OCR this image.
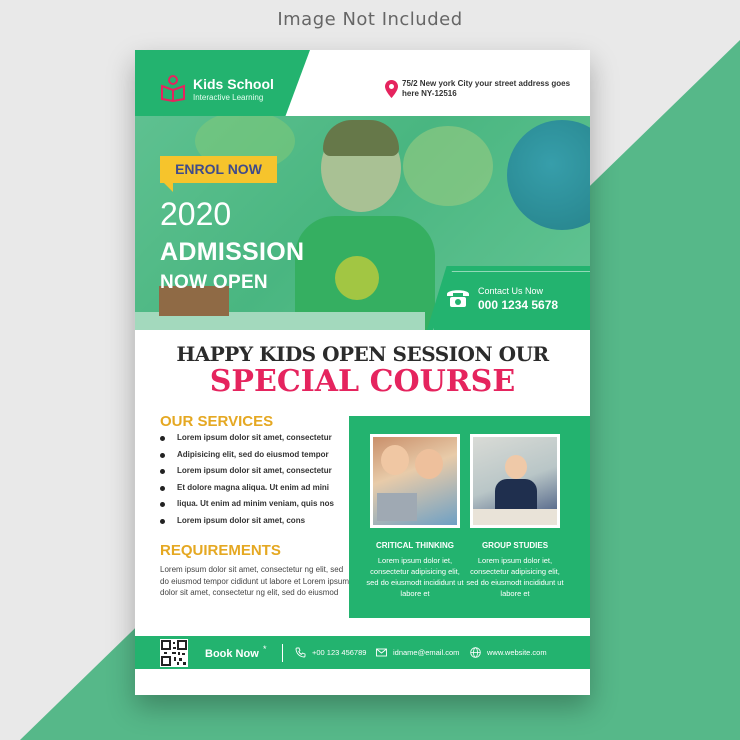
Image Not Included
Kids School
Interactive Learning
75/2 New york City your street address goes here NY-12516
ENROL NOW
2020
ADMISSION
NOW OPEN	Contact Us Now
000 1234 5678
HAPPY KIDS OPEN SESSION OUR
SPECIAL COURSE
OUR SERVICES
Lorem ipsum dolor sit amet, consectetur
Adipisicing elit, sed do eiusmod tempor
Lorem ipsum dolor sit amet, consectetur
Et dolore magna aliqua. Ut enim ad mini
liqua. Ut enim ad minim veniam, quis nos
Lorem ipsum dolor sit amet, cons
REQUIREMENTS
Lorem ipsum dolor sit amet, consectetur ng elit, sed do eiusmod tempor cididunt ut labore et Lorem ipsum dolor sit amet, consectetur ng elit, sed do eiusmod
CRITICAL THINKING
Lorem ipsum dolor iet, consectetur adipisicing elit, sed do eiusmodt incididunt ut labore et
GROUP STUDIES
Lorem ipsum dolor iet, consectetur adipisicing elit, sed do eiusmodt incididunt ut labore et
Book Now *	+00 123 456789	idname@email.com	www.website.com
